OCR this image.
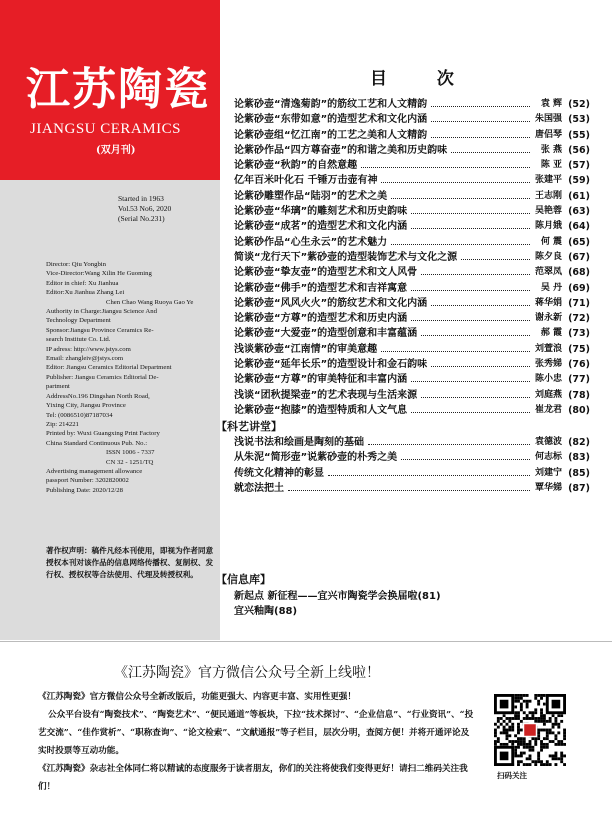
江苏陶瓷
JIANGSU CERAMICS
(双月刊)
Started in 1963
Vol.53 No6, 2020
(Serial No.231)
Director: Qiu Yongbin
Vice-Director:Wang Xilin He Guoming
Editor in chief: Xu Jianhua
Editor:Xu Jianhua Zhang Lei
Chen Chao Wang Ruoya Gao Ye
Authority in Charge:Jiangsu Science And
Technology Department
Sponsor:Jiangsu Province Ceramics Re-
search Institute Co. Ltd.
IP adress: http://www.jstys.com
Email: zhangleiv@jstys.com
Editor: Jiangsu Ceramics Editorial Department
Publisher: Jiangsu Ceramics Editorial De-
partment
AddressNo.196 Dingshan North Road,
Yixing City, Jiangsu Province
Tel: (0086510)87187034
Zip: 214221
Printed by: Wuxi Guangxing Print Factory
China Standard Continuous Pub. No.:
ISSN 1006 - 7337
CN 32 - 1251/TQ
Advertising management allowance
passport Number: 3202820002
Publishing Date: 2020/12/28
著作权声明：稿件凡经本刊使用，即视为作者同意授权本刊对该作品的信息网络传播权、复制权、发行权、授权权等合法使用、代理及转授权利。
目 次
论紫砂壶“清逸菊韵”的筋纹工艺和人文精韵	袁 辉 (52)
论紫砂壶“东带如意”的造型艺术和文化内涵	朱国强 (53)
论紫砂壶组“忆江南”的工艺之美和人文精韵	唐侣琴 (55)
论紫砂作品“四方尊奋壶”的和谐之美和历史韵味	张 燕 (56)
论紫砂壶“秋韵”的自然意趣	陈 亚 (57)
亿年百米叶化石 千锤万击壶有神	张建平 (59)
论紫砂雕塑作品“陆羽”的艺术之美	王志刚 (61)
论紫砂壶“华璃”的雕刻艺术和历史韵味	吴艳蓉 (63)
论紫砂壶“成茗”的造型艺术和文化内涵	陈月娥 (64)
论紫砂作品“心生永云”的艺术魅力	何 震 (65)
简谈“龙行天下”紫砂壶的造型装饰艺术与文化之源	陈夕良 (67)
论紫砂壶“挚友壶”的造型艺术和文人风骨	范翠凤 (68)
论紫砂壶“佛手”的造型艺术和吉祥寓意	吴 丹 (69)
论紫砂壶“风风火火”的筋纹艺术和文化内涵	蒋华娟 (71)
论紫砂壶“方尊”的造型艺术和历史内涵	谢永新 (72)
论紫砂壶“大爱壶”的造型创意和丰富蕴涵	郝 霞 (73)
浅谈紫砂壶“江南情”的审美意趣	刘萱浪 (75)
论紫砂壶“延年长乐”的造型设计和金石韵味	张秀娣 (76)
论紫砂壶“方尊”的审美特征和丰富内涵	陈小忠 (77)
浅谈“团秋提梁壶”的艺术表现与生活来源	刘庭燕 (78)
论紫砂壶“抱膝”的造型特质和人文气息	崔龙君 (80)
【科艺讲堂】
浅说书法和绘画是陶刻的基础	袁德波 (82)
从朱泥“简形壶”说紫砂壶的朴秀之美	何志标 (83)
传统文化精神的彰显	刘建宁 (85)
就恋法把土	覃华娣 (87)
【信息库】
新起点 新征程——宜兴市陶瓷学会换届啦(81)
宜兴釉陶(88)
《江苏陶瓷》官方微信公众号全新上线啦！

《江苏陶瓷》官方微信公众号全新改版后，功能更强大、内容更丰富、实用性更强！

公众平台设有“陶瓷技术”、“陶瓷艺术”、“便民通道”等板块，下拉“技术探讨”、“企业信息”、“行业资讯”、“投艺交流”、“佳作赏析”、“职称查询”、“论文检索”、“文献通报”等子栏目，层次分明，查阅方便！并将开通评论及实时投票等互动功能。

《江苏陶瓷》杂志社全体同仁将以精诚的态度服务于读者朋友，你们的关注将使我们变得更好！请扫二维码关注我们！

扫码关注
